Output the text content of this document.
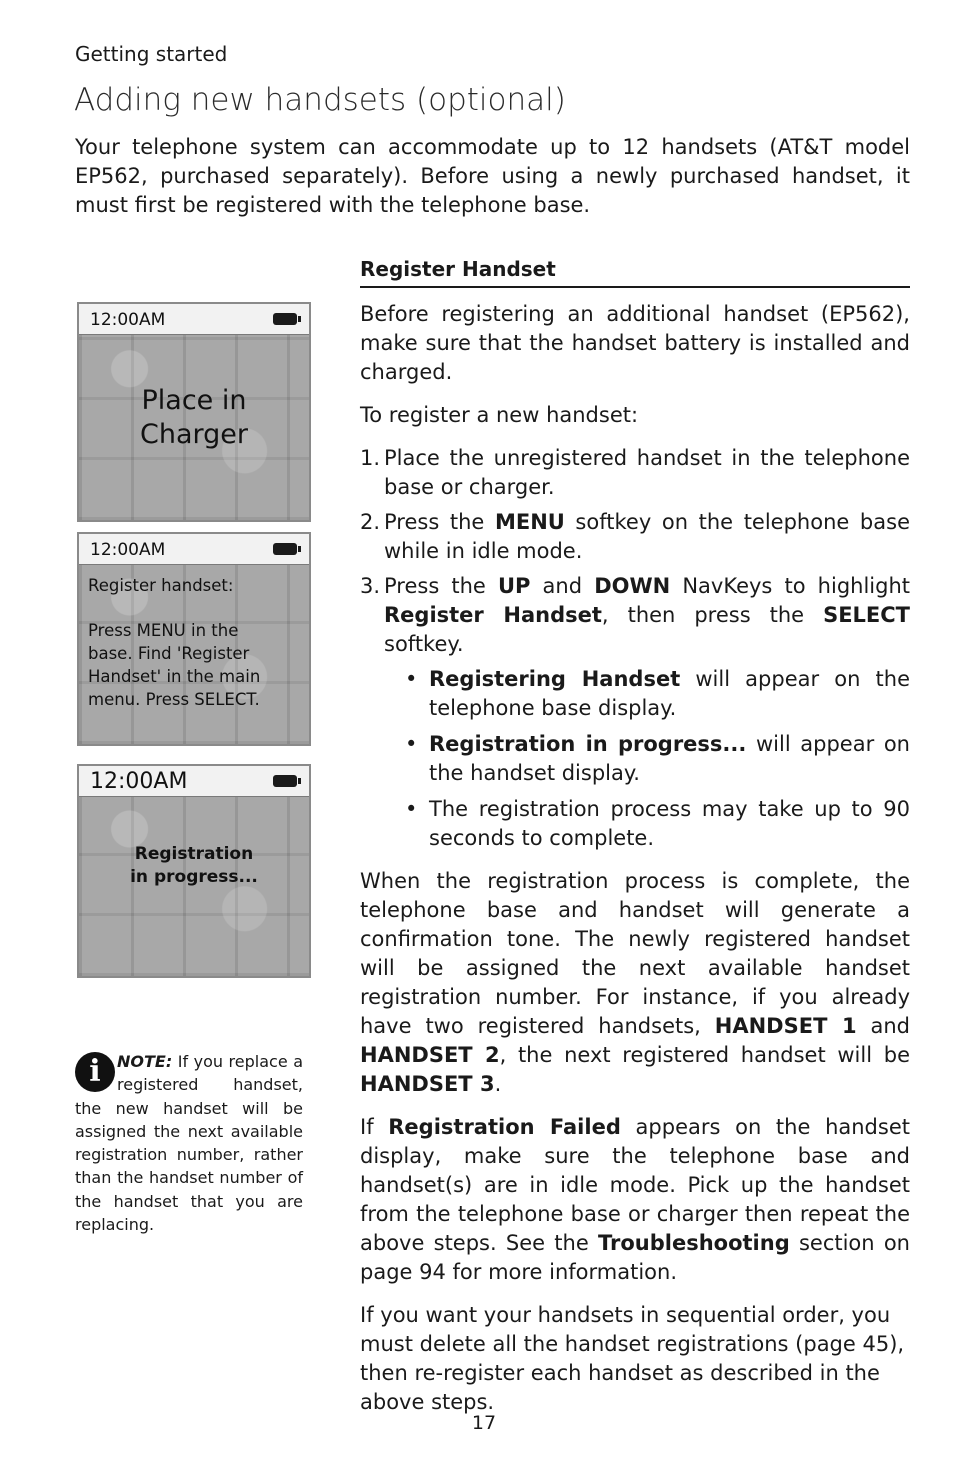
Getting started
Adding new handsets (optional)

Your telephone system can accommodate up to 12 handsets (AT&T model EP562, purchased separately). Before using a newly purchased handset, it must first be registered with the telephone base.

12:00AM
Place in
Charger
12:00AM
Register handset:
Press MENU in the
base. Find 'Register
Handset' in the main
menu. Press SELECT.
12:00AM
Registration
in progress...
i	NOTE: If you replace a registered handset, the new handset will be assigned the next available registration number, rather than the handset number of the handset that you are replacing.
Register Handset

Before registering an additional handset (EP562), make sure that the handset battery is installed and charged.

To register a new handset:

1. Place the unregistered handset in the telephone base or charger.
2. Press the MENU softkey on the telephone base while in idle mode.
3. Press the UP and DOWN NavKeys to highlight Register Handset, then press the SELECT softkey.
• Registering Handset will appear on the telephone base display.
• Registration in progress... will appear on the handset display.
• The registration process may take up to 90 seconds to complete.

When the registration process is complete, the telephone base and handset will generate a confirmation tone. The newly registered handset will be assigned the next available handset registration number. For instance, if you already have two registered handsets, HANDSET 1 and HANDSET 2, the next registered handset will be HANDSET 3.

If Registration Failed appears on the handset display, make sure the telephone base and handset(s) are in idle mode. Pick up the handset from the telephone base or charger then repeat the above steps. See the Troubleshooting section on page 94 for more information.

If you want your handsets in sequential order, you must delete all the handset registrations (page 45), then re-register each handset as described in the above steps.

17
